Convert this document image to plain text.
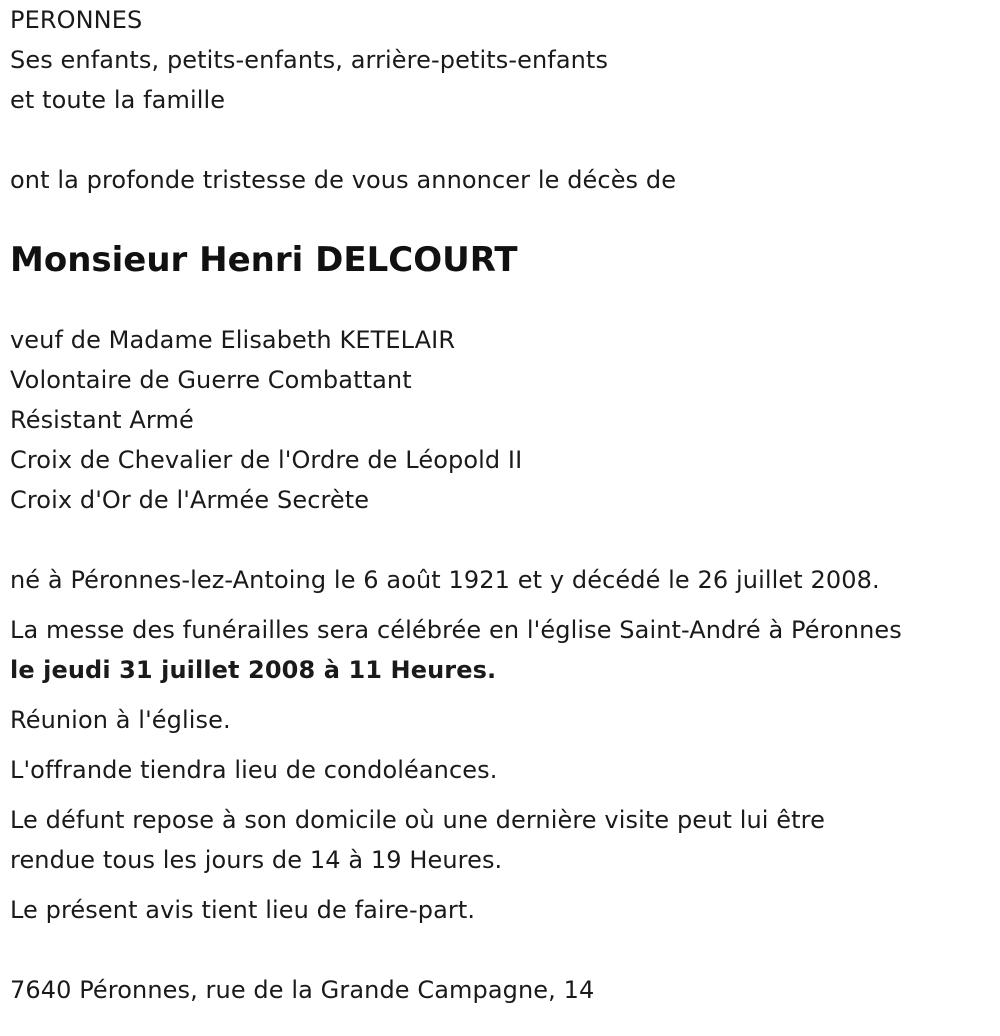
PERONNES
Ses enfants, petits-enfants, arrière-petits-enfants
et toute la famille
ont la profonde tristesse de vous annoncer le décès de
Monsieur Henri DELCOURT
veuf de Madame Elisabeth KETELAIR
Volontaire de Guerre Combattant
Résistant Armé
Croix de Chevalier de l'Ordre de Léopold II
Croix d'Or de l'Armée Secrète
né à Péronnes-lez-Antoing le 6 août 1921 et y décédé le 26 juillet 2008.
La messe des funérailles sera célébrée en l'église Saint-André à Péronnes
le jeudi 31 juillet 2008 à 11 Heures.
Réunion à l'église.
L'offrande tiendra lieu de condoléances.
Le défunt repose à son domicile où une dernière visite peut lui être
rendue tous les jours de 14 à 19 Heures.
Le présent avis tient lieu de faire-part.
7640 Péronnes, rue de la Grande Campagne, 14
